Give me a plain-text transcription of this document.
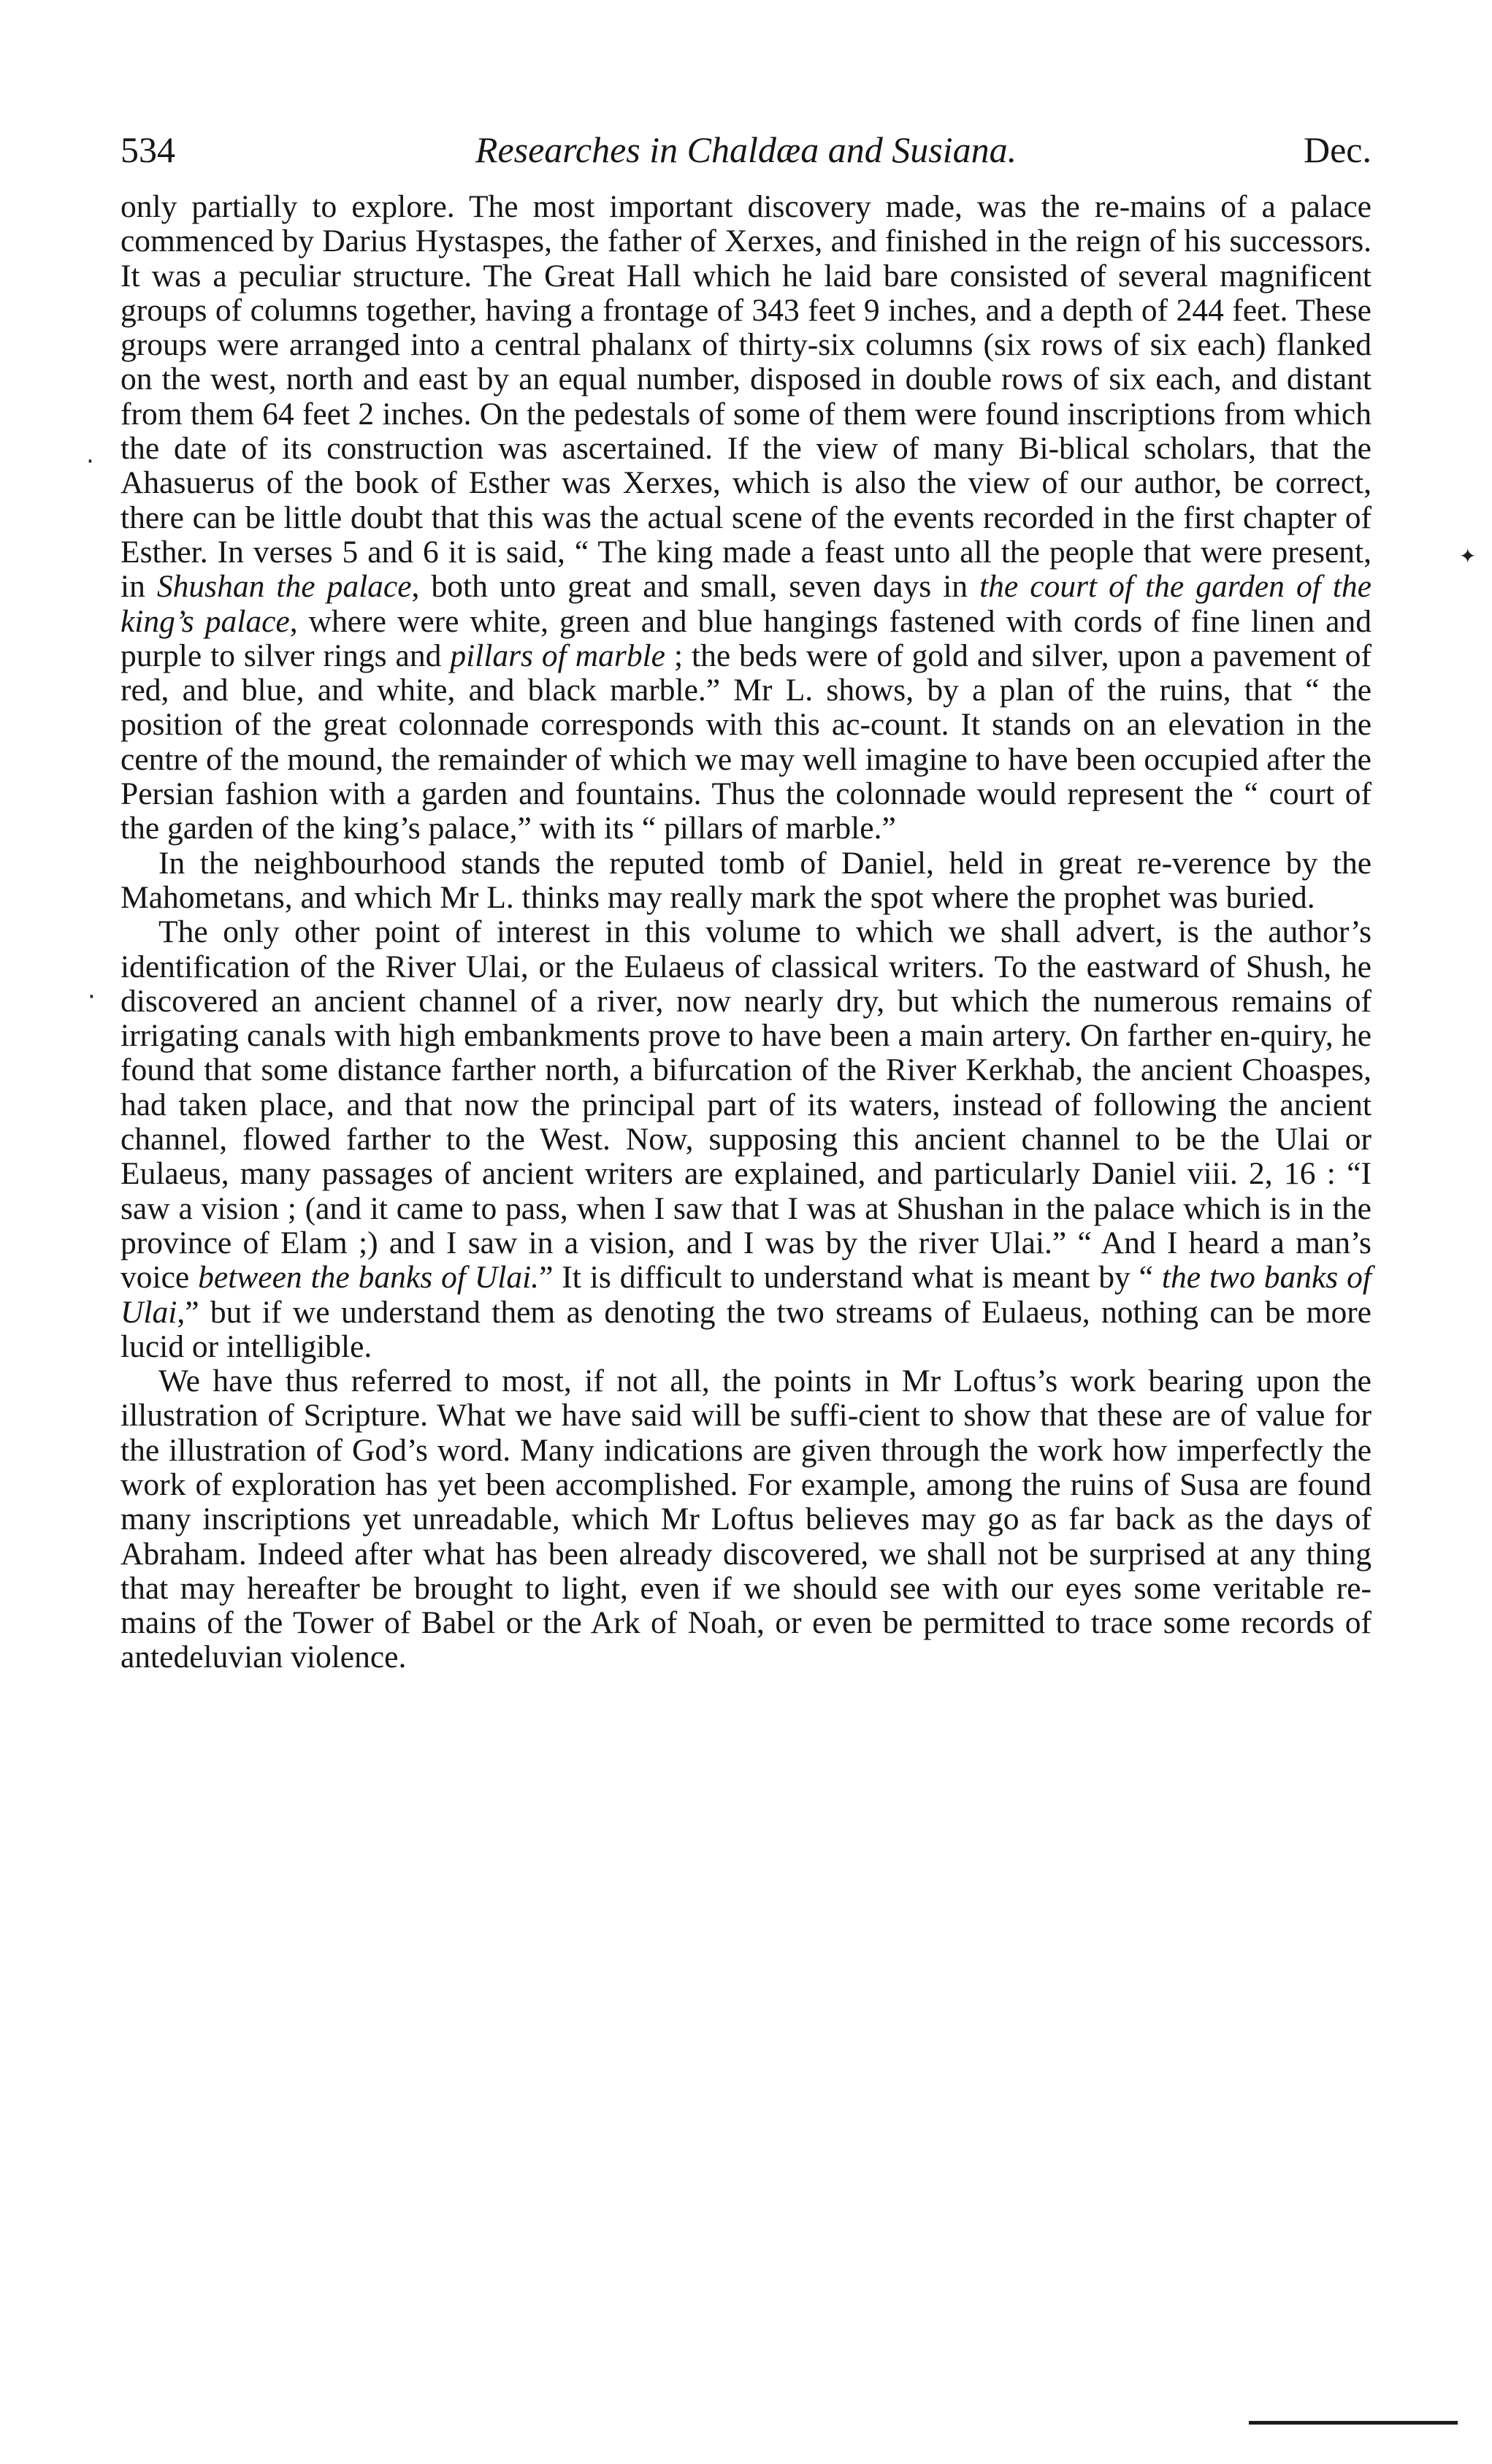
534	Researches in Chaldæa and Susiana.	Dec.

only partially to explore. The most important discovery made, was the re-mains of a palace commenced by Darius Hystaspes, the father of Xerxes, and finished in the reign of his successors. It was a peculiar structure. The Great Hall which he laid bare consisted of several magnificent groups of columns together, having a frontage of 343 feet 9 inches, and a depth of 244 feet. These groups were arranged into a central phalanx of thirty-six columns (six rows of six each) flanked on the west, north and east by an equal number, disposed in double rows of six each, and distant from them 64 feet 2 inches. On the pedestals of some of them were found inscriptions from which the date of its construction was ascertained. If the view of many Bi-blical scholars, that the Ahasuerus of the book of Esther was Xerxes, which is also the view of our author, be correct, there can be little doubt that this was the actual scene of the events recorded in the first chapter of Esther. In verses 5 and 6 it is said, “ The king made a feast unto all the people that were present, in Shushan the palace, both unto great and small, seven days in the court of the garden of the king’s palace, where were white, green and blue hangings fastened with cords of fine linen and purple to silver rings and pillars of marble ; the beds were of gold and silver, upon a pavement of red, and blue, and white, and black marble.” Mr L. shows, by a plan of the ruins, that “ the position of the great colonnade corresponds with this ac-count. It stands on an elevation in the centre of the mound, the remainder of which we may well imagine to have been occupied after the Persian fashion with a garden and fountains. Thus the colonnade would represent the “ court of the garden of the king’s palace,” with its “ pillars of marble.”

In the neighbourhood stands the reputed tomb of Daniel, held in great re-verence by the Mahometans, and which Mr L. thinks may really mark the spot where the prophet was buried.

The only other point of interest in this volume to which we shall advert, is the author’s identification of the River Ulai, or the Eulaeus of classical writers. To the eastward of Shush, he discovered an ancient channel of a river, now nearly dry, but which the numerous remains of irrigating canals with high embankments prove to have been a main artery. On farther en-quiry, he found that some distance farther north, a bifurcation of the River Kerkhab, the ancient Choaspes, had taken place, and that now the principal part of its waters, instead of following the ancient channel, flowed farther to the West. Now, supposing this ancient channel to be the Ulai or Eulaeus, many passages of ancient writers are explained, and particularly Daniel viii. 2, 16 : “I saw a vision ; (and it came to pass, when I saw that I was at Shushan in the palace which is in the province of Elam ;) and I saw in a vision, and I was by the river Ulai.” “ And I heard a man’s voice between the banks of Ulai.” It is difficult to understand what is meant by “ the two banks of Ulai,” but if we understand them as denoting the two streams of Eulaeus, nothing can be more lucid or intelligible.

We have thus referred to most, if not all, the points in Mr Loftus’s work bearing upon the illustration of Scripture. What we have said will be suffi-cient to show that these are of value for the illustration of God’s word. Many indications are given through the work how imperfectly the work of exploration has yet been accomplished. For example, among the ruins of Susa are found many inscriptions yet unreadable, which Mr Loftus believes may go as far back as the days of Abraham. Indeed after what has been already discovered, we shall not be surprised at any thing that may hereafter be brought to light, even if we should see with our eyes some veritable re-mains of the Tower of Babel or the Ark of Noah, or even be permitted to trace some records of antedeluvian violence.

·
✦
·
